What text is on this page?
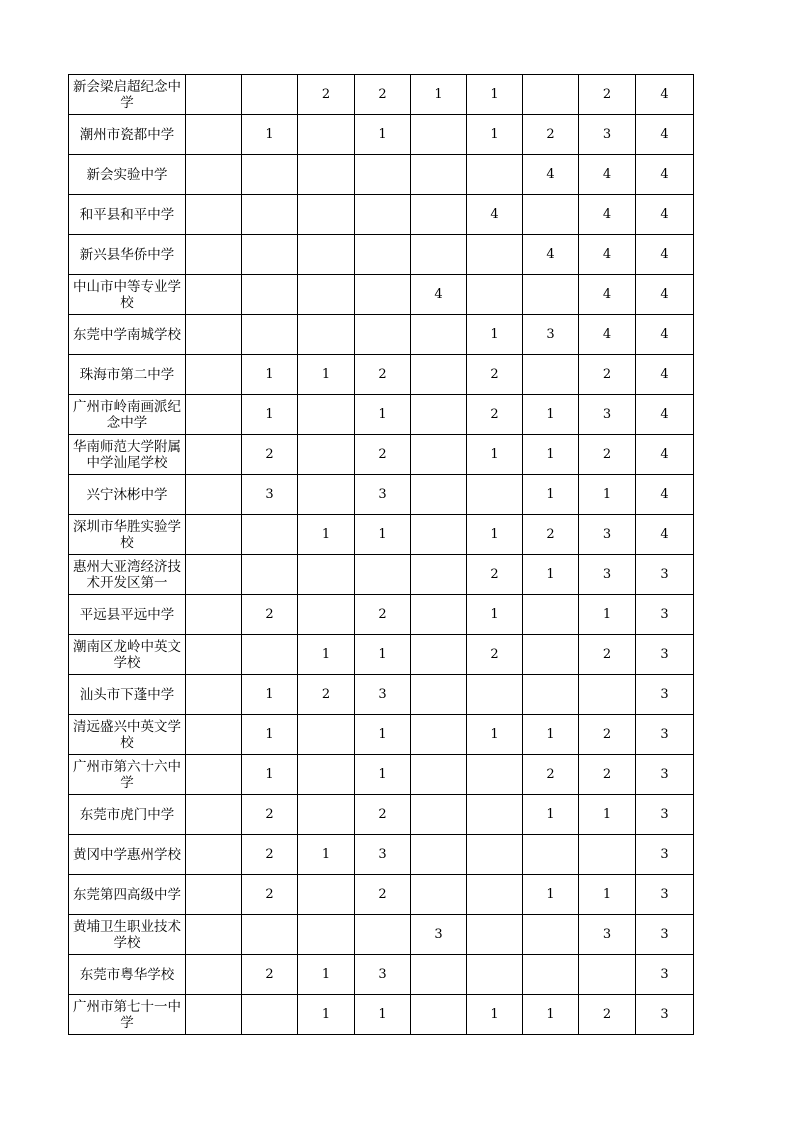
新会梁启超纪念中学			2	2	1	1		2	4
潮州市瓷都中学		1		1		1	2	3	4
新会实验中学							4	4	4
和平县和平中学						4		4	4
新兴县华侨中学							4	4	4
中山市中等专业学校					4			4	4
东莞中学南城学校						1	3	4	4
珠海市第二中学		1	1	2		2		2	4
广州市岭南画派纪念中学		1		1		2	1	3	4
华南师范大学附属中学汕尾学校		2		2		1	1	2	4
兴宁沐彬中学		3		3			1	1	4
深圳市华胜实验学校			1	1		1	2	3	4
惠州大亚湾经济技术开发区第一						2	1	3	3
平远县平远中学		2		2		1		1	3
潮南区龙岭中英文学校			1	1		2		2	3
汕头市下蓬中学		1	2	3					3
清远盛兴中英文学校		1		1		1	1	2	3
广州市第六十六中学		1		1			2	2	3
东莞市虎门中学		2		2			1	1	3
黄冈中学惠州学校		2	1	3					3
东莞第四高级中学		2		2			1	1	3
黄埔卫生职业技术学校					3			3	3
东莞市粤华学校		2	1	3					3
广州市第七十一中学			1	1		1	1	2	3
